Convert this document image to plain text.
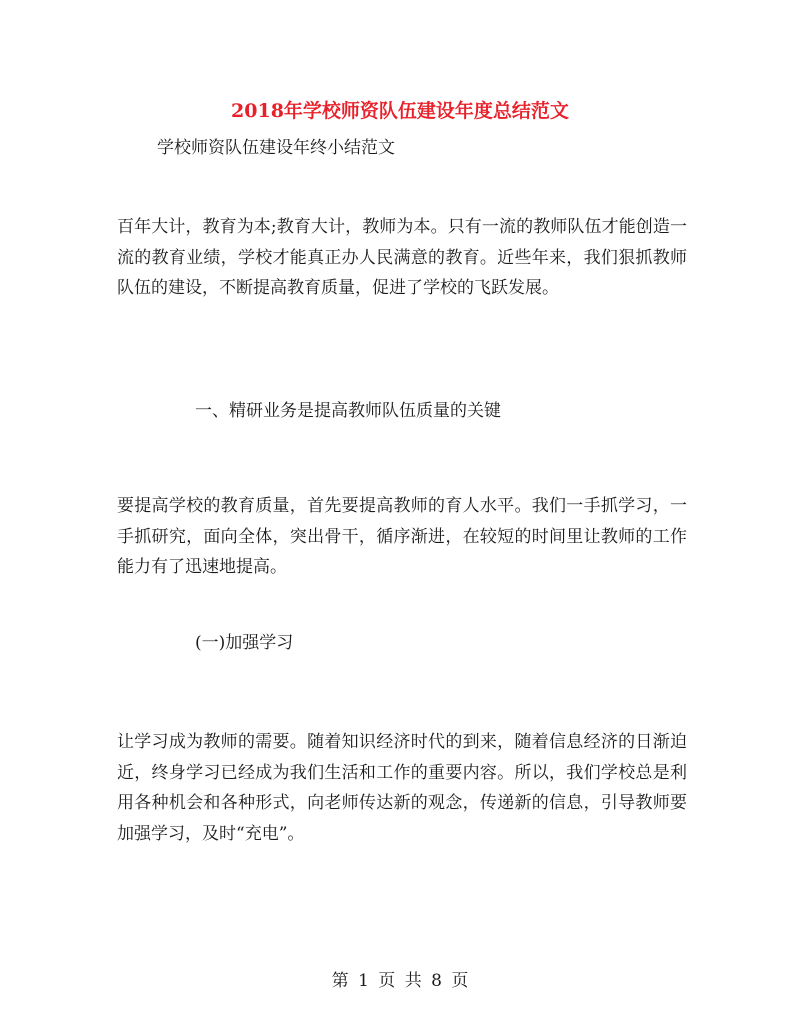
2018年学校师资队伍建设年度总结范文
学校师资队伍建设年终小结范文

百年大计，教育为本;教育大计，教师为本。只有一流的教师队伍才能创造一流的教育业绩，学校才能真正办人民满意的教育。近些年来，我们狠抓教师队伍的建设，不断提高教育质量，促进了学校的飞跃发展。

一、精研业务是提高教师队伍质量的关键

要提高学校的教育质量，首先要提高教师的育人水平。我们一手抓学习，一手抓研究，面向全体，突出骨干，循序渐进，在较短的时间里让教师的工作能力有了迅速地提高。

(一)加强学习

让学习成为教师的需要。随着知识经济时代的到来，随着信息经济的日渐迫近，终身学习已经成为我们生活和工作的重要内容。所以，我们学校总是利用各种机会和各种形式，向老师传达新的观念，传递新的信息，引导教师要加强学习，及时“充电”。

第 1 页 共 8 页
